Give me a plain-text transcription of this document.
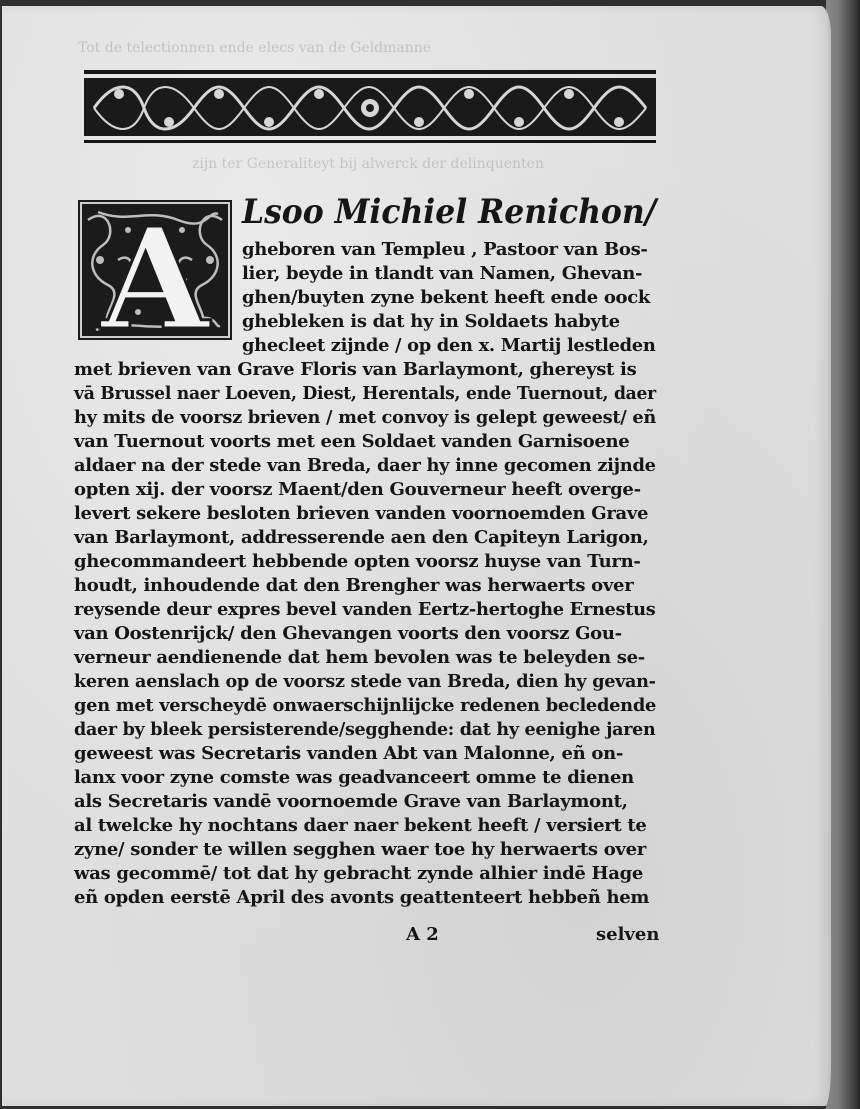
Tot de telectionnen ende elecs van de Geldmanne
zijn ter Generaliteyt bij alwerck der delinquenten
A Lsoo Michiel Renichon/
gheboren van Templeu , Pastoor van Bos-
lier, beyde in tlandt van Namen, Ghevan-
ghen/buyten zyne bekent heeft ende oock
ghebleken is dat hy in Soldaets habyte
ghecleet zijnde / op den x. Martij lestleden
met brieven van Grave Floris van Barlaymont, ghereyst is
vā Brussel naer Loeven, Diest, Herentals, ende Tuernout, daer
hy mits de voorsz brieven / met convoy is gelept geweest/ eñ
van Tuernout voorts met een Soldaet vanden Garnisoene
aldaer na der stede van Breda, daer hy inne gecomen zijnde
opten xij. der voorsz Maent/den Gouverneur heeft overge-
levert sekere besloten brieven vanden voornoemden Grave
van Barlaymont, addresserende aen den Capiteyn Larigon,
ghecommandeert hebbende opten voorsz huyse van Turn-
houdt, inhoudende dat den Brengher was herwaerts over
reysende deur expres bevel vanden Eertz-hertoghe Ernestus
van Oostenrijck/ den Ghevangen voorts den voorsz Gou-
verneur aendienende dat hem bevolen was te beleyden se-
keren aenslach op de voorsz stede van Breda, dien hy gevan-
gen met verscheydē onwaerschijnlijcke redenen becledende
daer by bleek persisterende/segghende: dat hy eenighe jaren
geweest was Secretaris vanden Abt van Malonne, eñ on-
lanx voor zyne comste was geadvanceert omme te dienen
als Secretaris vandē voornoemde Grave van Barlaymont,
al twelcke hy nochtans daer naer bekent heeft / versiert te
zyne/ sonder te willen segghen waer toe hy herwaerts over
was gecommē/ tot dat hy gebracht zynde alhier indē Hage
eñ opden eerstē April des avonts geattenteert hebbeñ hem
A 2	selven
